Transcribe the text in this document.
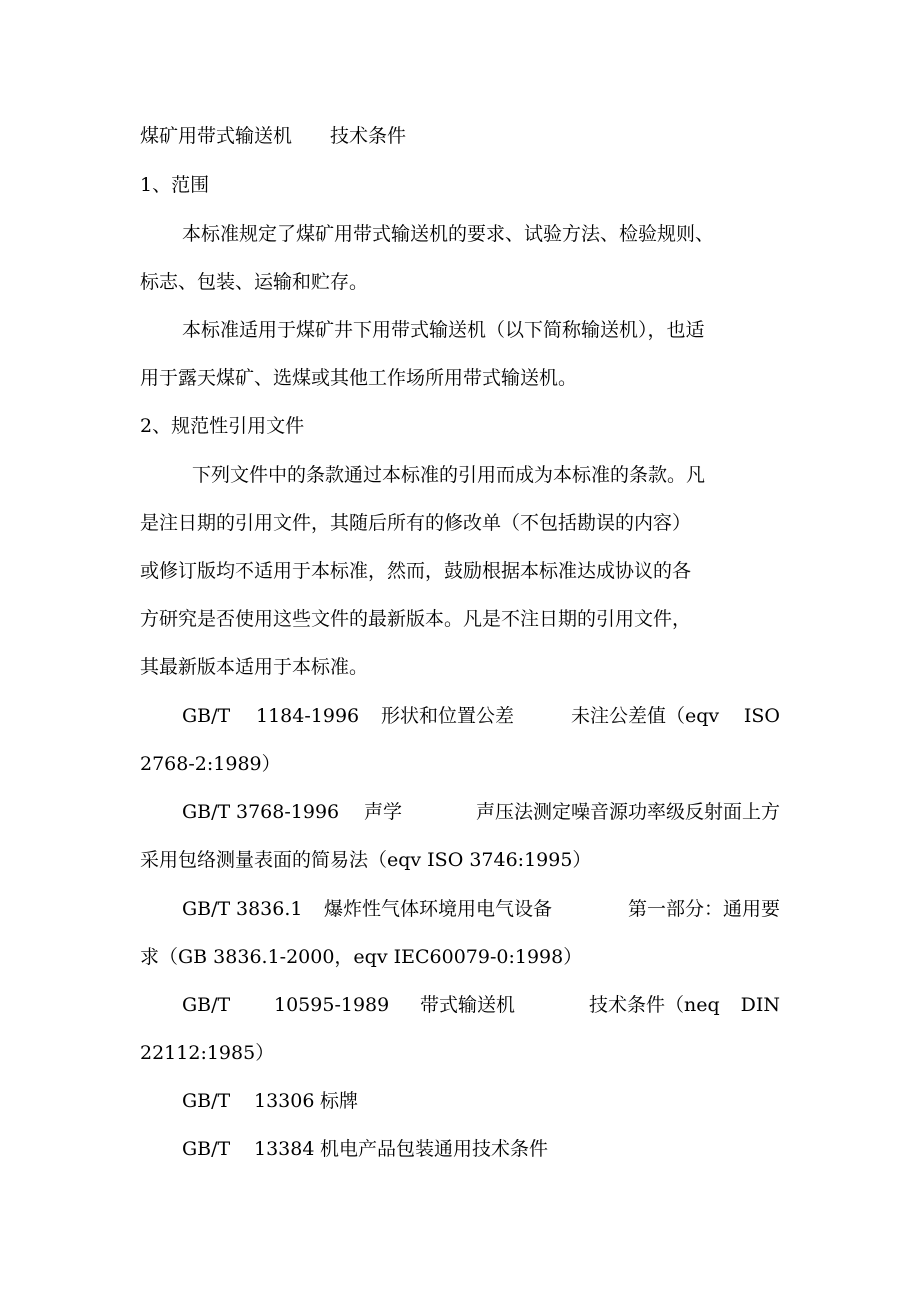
煤矿用带式输送机　　技术条件
1、范围
本标准规定了煤矿用带式输送机的要求、试验方法、检验规则、
标志、包装、运输和贮存。
本标准适用于煤矿井下用带式输送机（以下简称输送机），也适
用于露天煤矿、选煤或其他工作场所用带式输送机。
2、规范性引用文件
下列文件中的条款通过本标准的引用而成为本标准的条款。凡
是注日期的引用文件，其随后所有的修改单（不包括勘误的内容）
或修订版均不适用于本标准，然而，鼓励根据本标准达成协议的各
方研究是否使用这些文件的最新版本。凡是不注日期的引用文件，
其最新版本适用于本标准。
GB/T 1184-1996 形状和位置公差	未注公差值（eqv ISO
2768-2:1989）
GB/T 3768-1996 声学	声压法测定噪音源功率级反射面上方
采用包络测量表面的简易法（eqv ISO 3746:1995）
GB/T 3836.1 爆炸性气体环境用电气设备	第一部分：通用要
求（GB 3836.1-2000，eqv IEC60079-0:1998）
GB/T 10595-1989 带式输送机	技术条件（neq DIN
22112:1985）
GB/T 13306 标牌
GB/T 13384 机电产品包装通用技术条件
